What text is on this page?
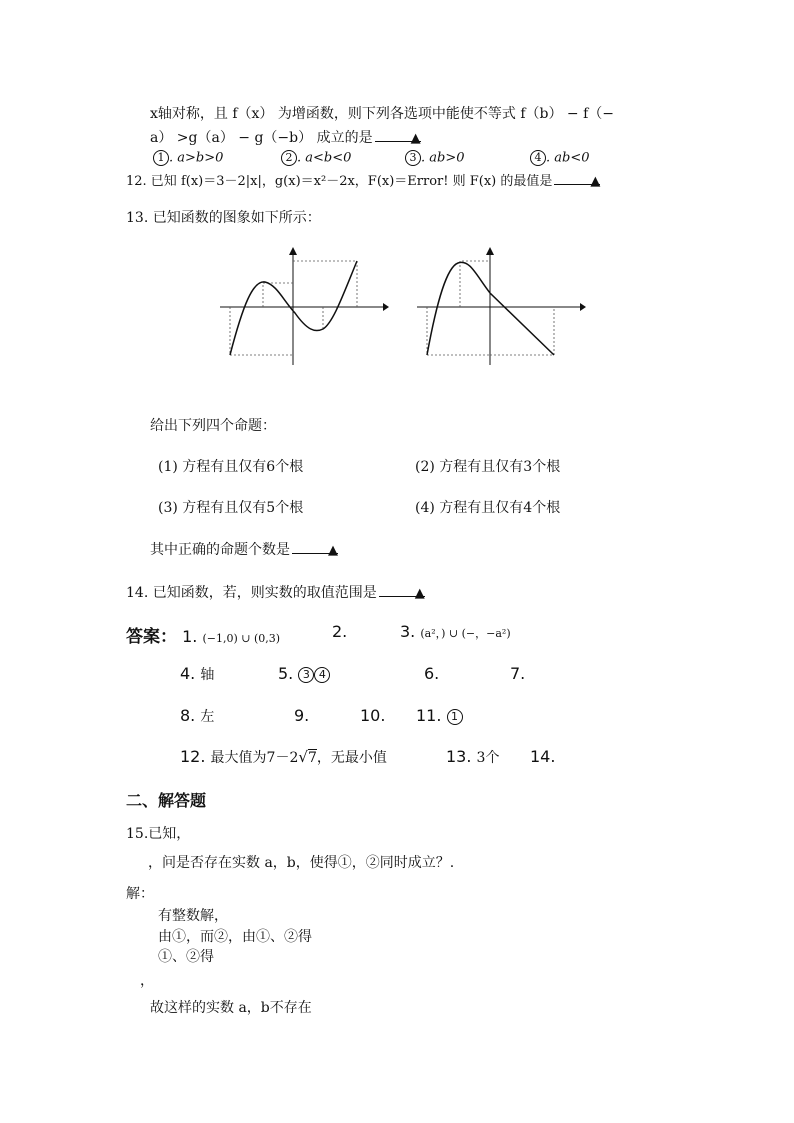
x轴对称，且 f（x） 为增函数，则下列各选项中能使不等式 f（b） − f（−
a） >g（a） − g（−b） 成立的是	▲
1 . a>b>0	2 . a<b<0	3 . ab>0	4 . ab<0
12. 已知 f(x)＝3－2|x|，g(x)＝x²－2x，F(x)＝Error! 则 F(x) 的最值是	▲
13. 已知函数的图象如下所示：
给出下列四个命题：
(1) 方程有且仅有6个根	(2) 方程有且仅有3个根
(3) 方程有且仅有5个根	(4) 方程有且仅有4个根
其中正确的命题个数是	▲
14. 已知函数，若，则实数的取值范围是	▲
答案： 1. (−1,0) ∪ (0,3)	2.	3. (a²，) ∪ (−，−a²)
4. 轴	5. 3 4	6.	7.
8. 左	9.	10. 11. 1
12. 最大值为7－2√7，无最小值	13. 3个 14.
二、解答题
15.已知，
，问是否存在实数 a，b，使得①，②同时成立？.
解：
有整数解，
由①，而②，由①、②得
①、②得
，
故这样的实数 a，b不存在
